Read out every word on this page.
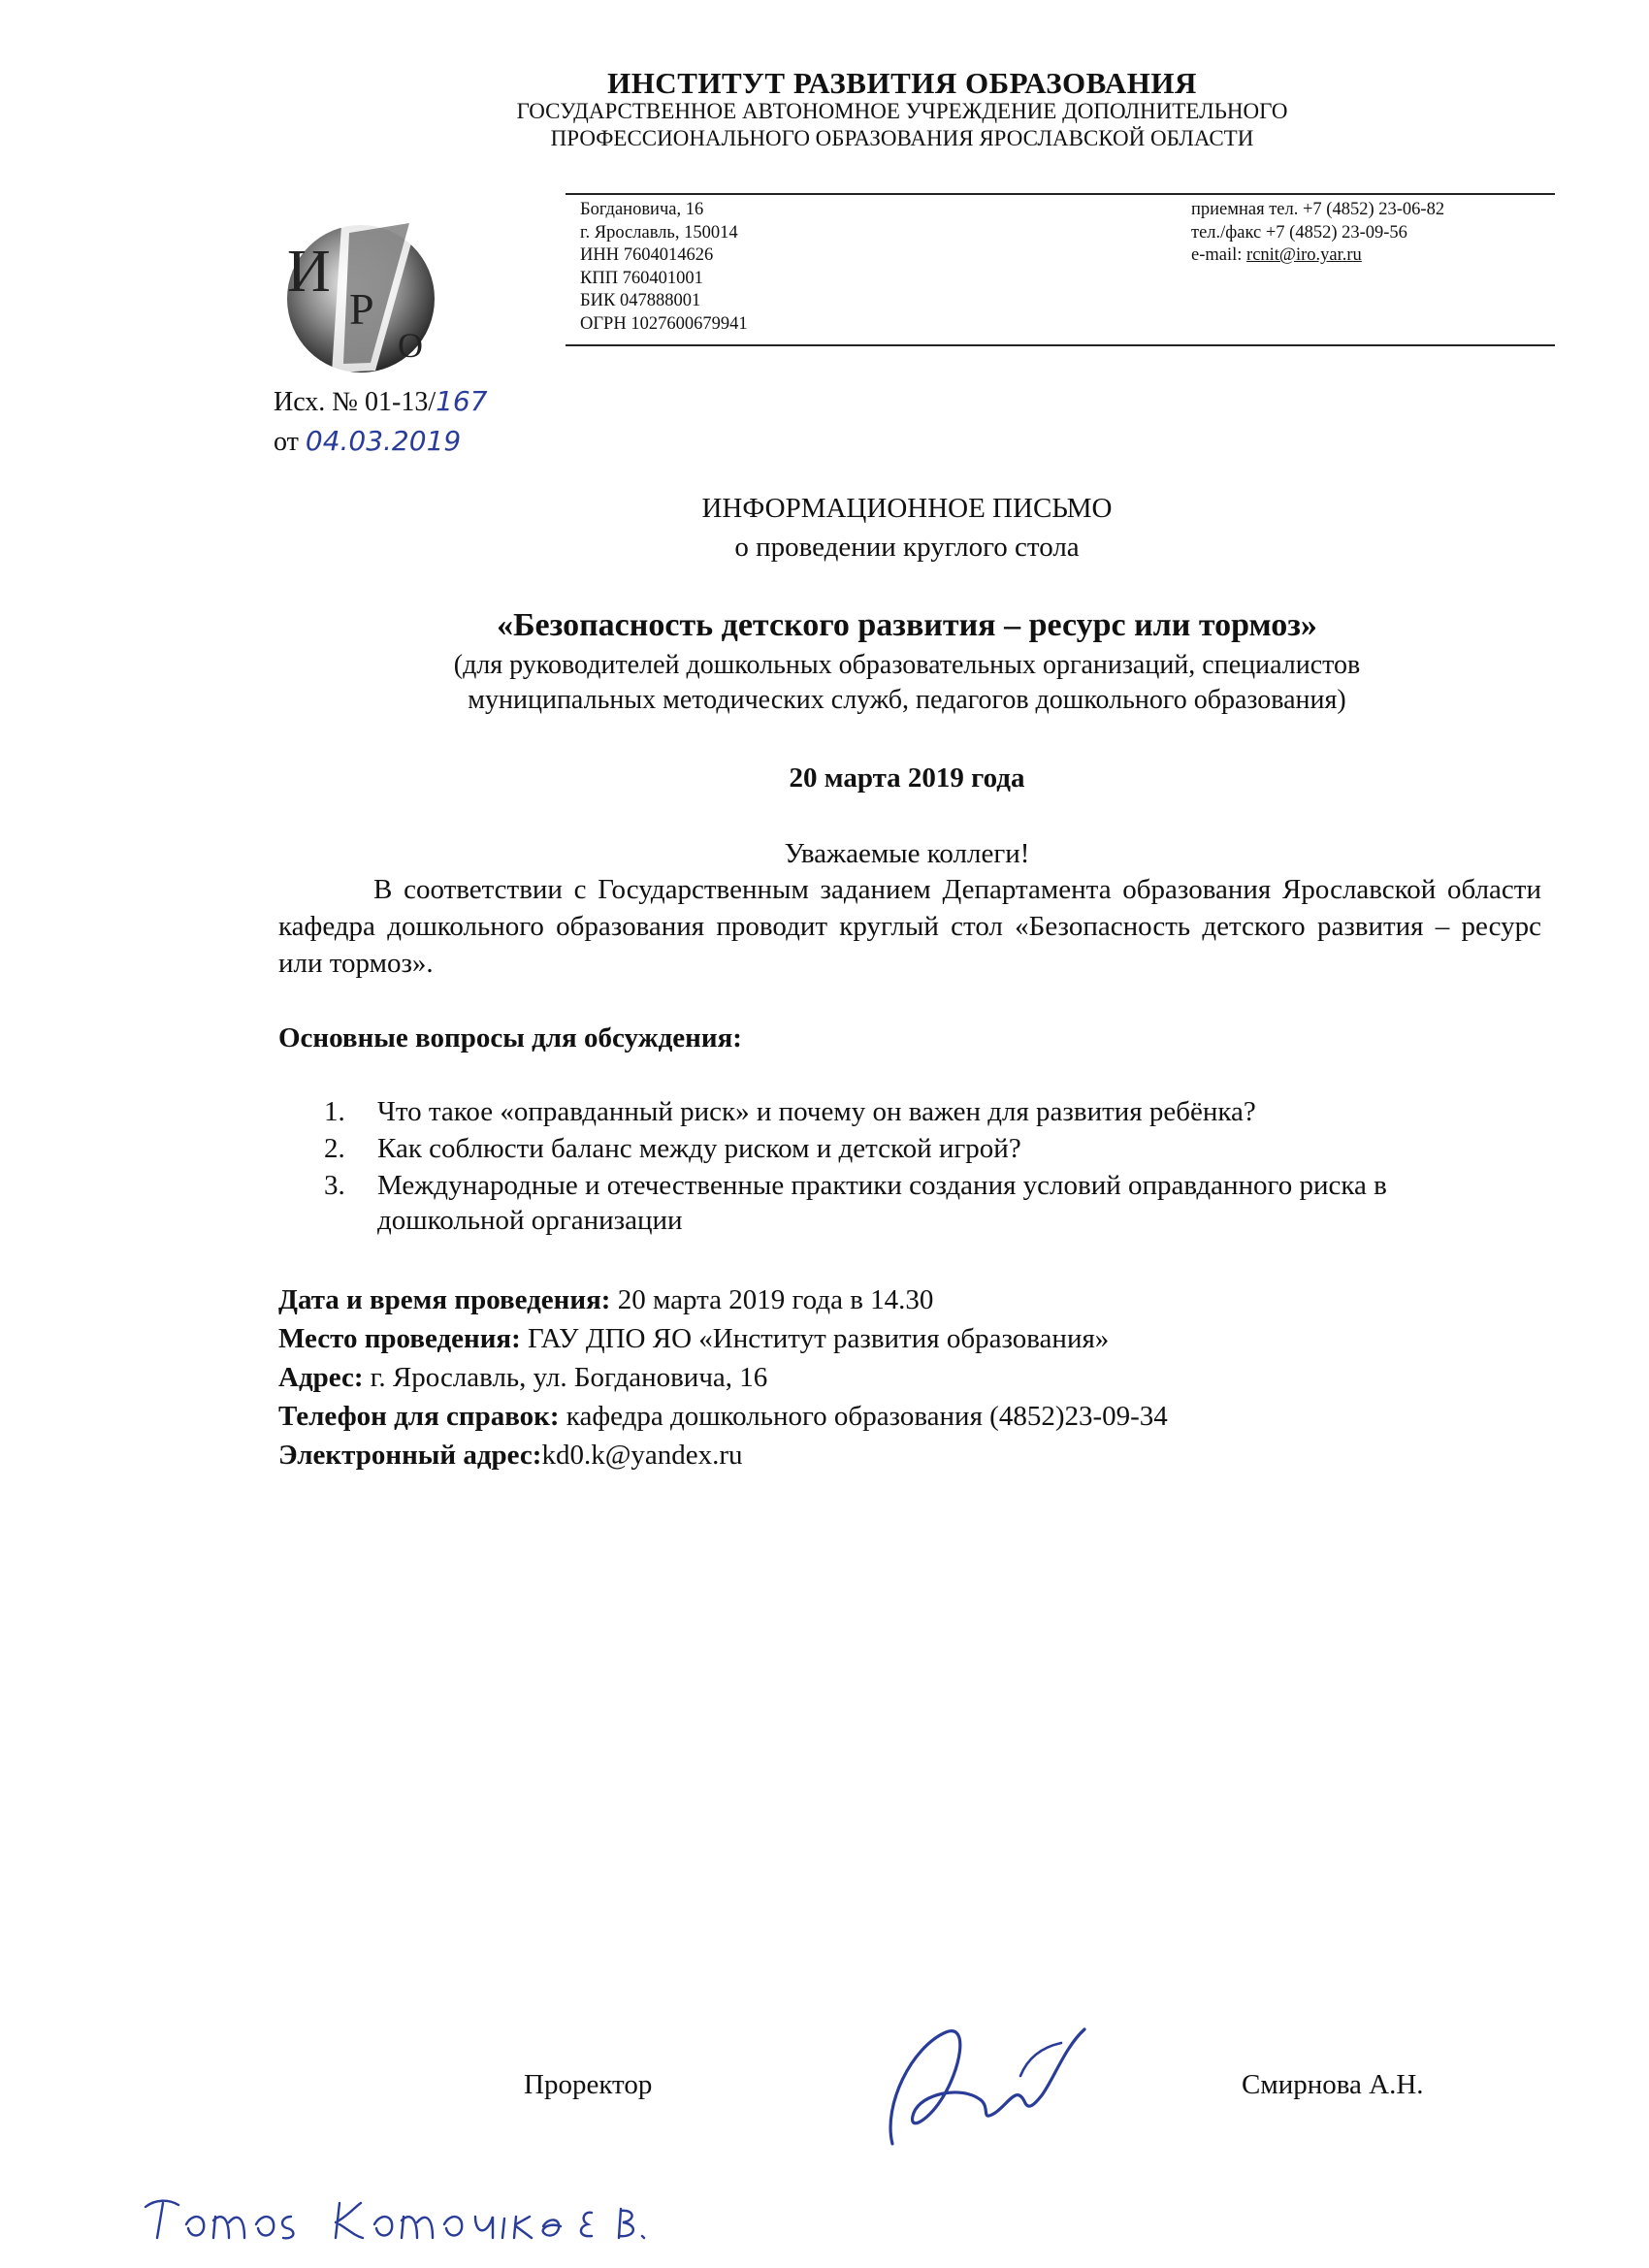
ИНСТИТУТ РАЗВИТИЯ ОБРАЗОВАНИЯ
ГОСУДАРСТВЕННОЕ АВТОНОМНОЕ УЧРЕЖДЕНИЕ ДОПОЛНИТЕЛЬНОГО
ПРОФЕССИОНАЛЬНОГО ОБРАЗОВАНИЯ ЯРОСЛАВСКОЙ ОБЛАСТИ
И
Р
О
Богдановича, 16
г. Ярославль, 150014
ИНН 7604014626
КПП 760401001
БИК 047888001
ОГРН 1027600679941
приемная тел. +7 (4852) 23-06-82
тел./факс +7 (4852) 23-09-56
e-mail: rcnit@iro.yar.ru
Исх. № 01-13/167
от 04.03.2019
ИНФОРМАЦИОННОЕ ПИСЬМО
о проведении круглого стола
«Безопасность детского развития – ресурс или тормоз»
(для руководителей дошкольных образовательных организаций, специалистов
муниципальных методических служб, педагогов дошкольного образования)
20 марта 2019 года
Уважаемые коллеги!
В соответствии с Государственным заданием Департамента образования Ярославской области кафедра дошкольного образования проводит круглый стол «Безопасность детского развития – ресурс или тормоз».
Основные вопросы для обсуждения:
1. Что такое «оправданный риск» и почему он важен для развития ребёнка?
2. Как соблюсти баланс между риском и детской игрой?
3. Международные и отечественные практики создания условий оправданного риска в дошкольной организации
Дата и время проведения: 20 марта 2019 года в 14.30
Место проведения: ГАУ ДПО ЯО «Институт развития образования»
Адрес: г. Ярославль, ул. Богдановича, 16
Телефон для справок: кафедра дошкольного образования (4852)23-09-34
Электронный адрес:kd0.k@yandex.ru
Проректор	Смирнова А.Н.
